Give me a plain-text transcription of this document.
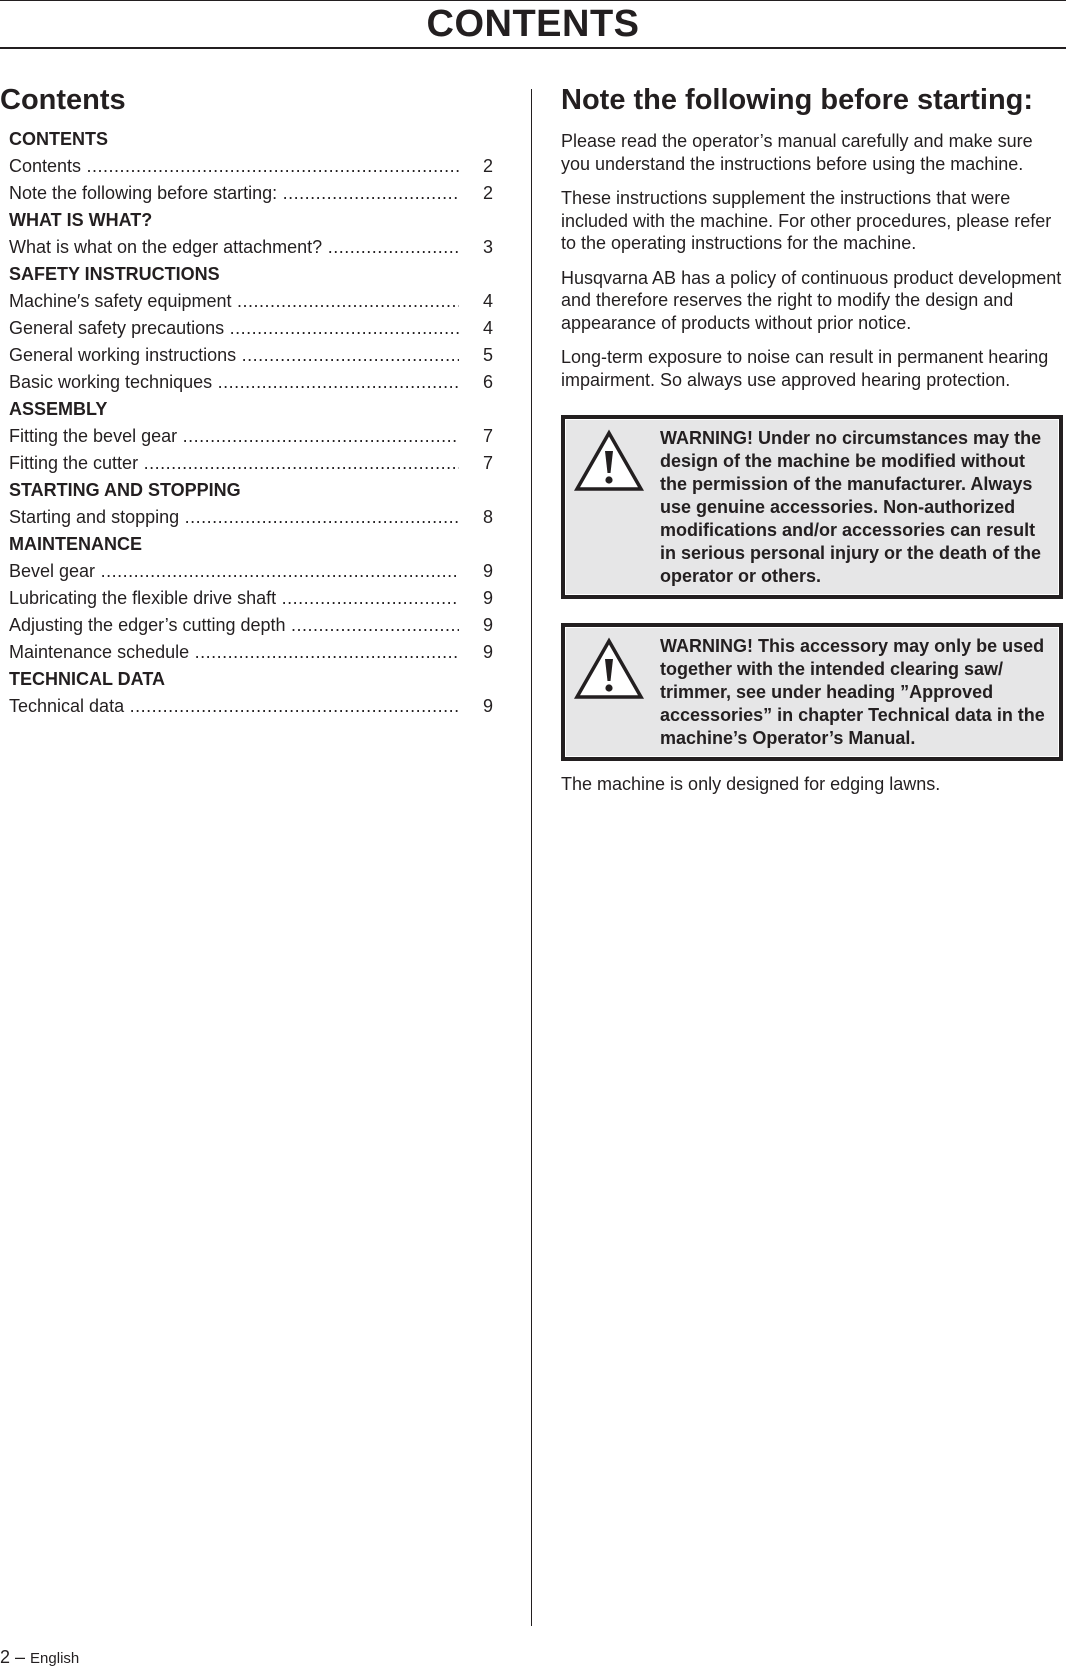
CONTENTS
Contents
CONTENTS
Contents .....	2
Note the following before starting: .....	2
WHAT IS WHAT?
What is what on the edger attachment? .....	3
SAFETY INSTRUCTIONS
Machine′s safety equipment .....	4
General safety precautions .....	4
General working instructions .....	5
Basic working techniques .....	6
ASSEMBLY
Fitting the bevel gear .....	7
Fitting the cutter .....	7
STARTING AND STOPPING
Starting and stopping .....	8
MAINTENANCE
Bevel gear .....	9
Lubricating the flexible drive shaft .....	9
Adjusting the edger’s cutting depth .....	9
Maintenance schedule .....	9
TECHNICAL DATA
Technical data .....	9
Note the following before starting:

Please read the operator’s manual carefully and make sure you understand the instructions before using the machine.

These instructions supplement the instructions that were included with the machine. For other procedures, please refer to the operating instructions for the machine.

Husqvarna AB has a policy of continuous product development and therefore reserves the right to modify the design and appearance of products without prior notice.

Long-term exposure to noise can result in permanent hearing impairment. So always use approved hearing protection.

WARNING! Under no circumstances may the design of the machine be modified without the permission of the manufacturer. Always use genuine accessories. Non-authorized modifications and/or accessories can result in serious personal injury or the death of the operator or others.

WARNING! This accessory may only be used together with the intended clearing saw/ trimmer, see under heading ”Approved accessories” in chapter Technical data in the machine’s Operator’s Manual.

The machine is only designed for edging lawns.

2 – English
